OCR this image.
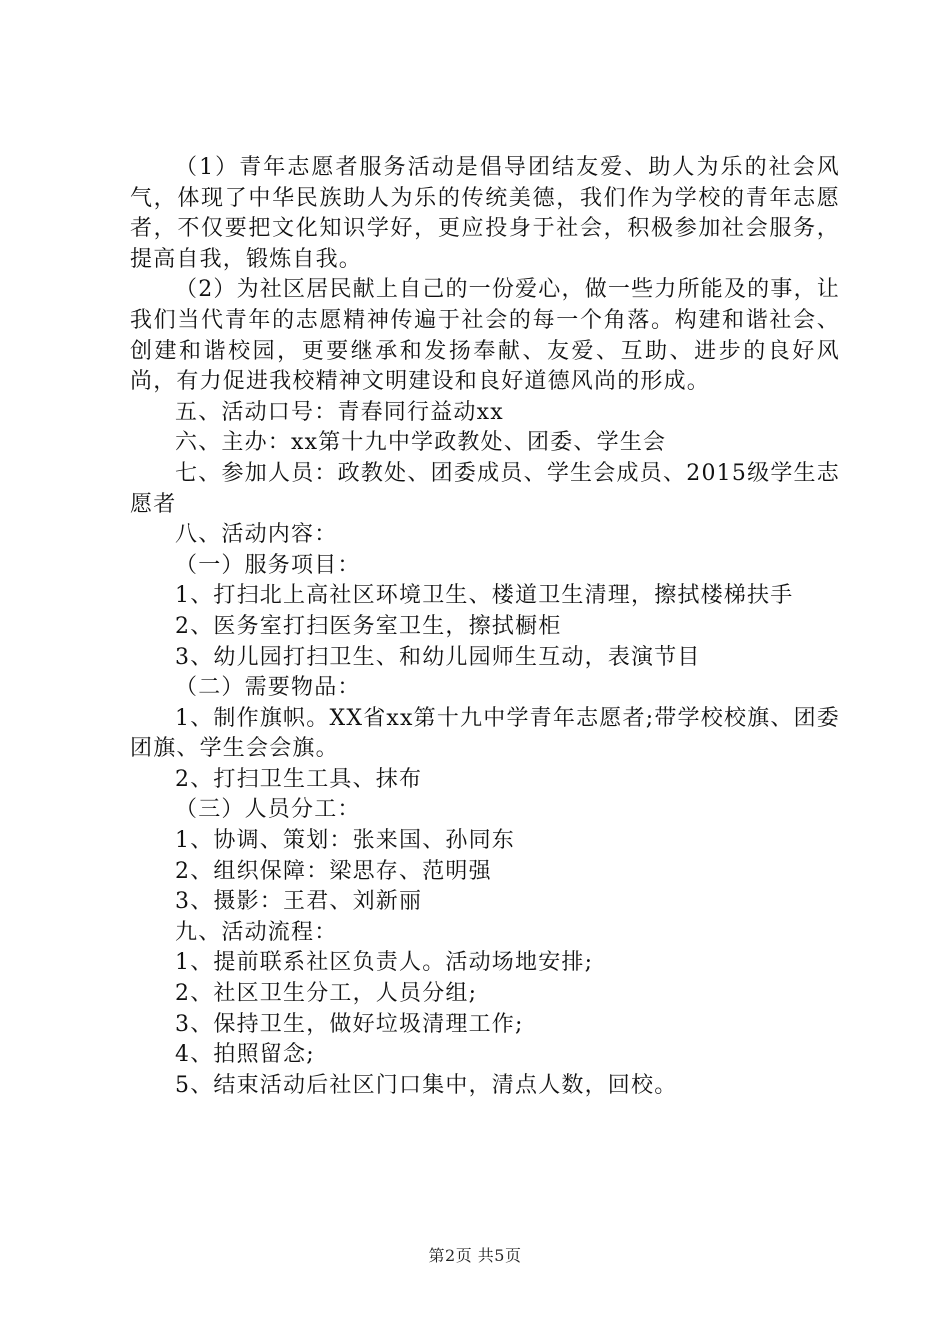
（1）青年志愿者服务活动是倡导团结友爱、助人为乐的社会风气，体现了中华民族助人为乐的传统美德，我们作为学校的青年志愿者，不仅要把文化知识学好，更应投身于社会，积极参加社会服务，提高自我，锻炼自我。

（2）为社区居民献上自己的一份爱心，做一些力所能及的事，让我们当代青年的志愿精神传遍于社会的每一个角落。构建和谐社会、创建和谐校园，更要继承和发扬奉献、友爱、互助、进步的良好风尚，有力促进我校精神文明建设和良好道德风尚的形成。

五、活动口号：青春同行益动xx

六、主办：xx第十九中学政教处、团委、学生会

七、参加人员：政教处、团委成员、学生会成员、2015级学生志愿者

八、活动内容：

（一）服务项目：

1、打扫北上高社区环境卫生、楼道卫生清理，擦拭楼梯扶手

2、医务室打扫医务室卫生，擦拭橱柜

3、幼儿园打扫卫生、和幼儿园师生互动，表演节目

（二）需要物品：

1、制作旗帜。XX省xx第十九中学青年志愿者;带学校校旗、团委团旗、学生会会旗。

2、打扫卫生工具、抹布

（三）人员分工：

1、协调、策划：张来国、孙同东

2、组织保障：梁思存、范明强

3、摄影：王君、刘新丽

九、活动流程：

1、提前联系社区负责人。活动场地安排;

2、社区卫生分工，人员分组;

3、保持卫生，做好垃圾清理工作;

4、拍照留念;

5、结束活动后社区门口集中，清点人数，回校。

第2页 共5页
